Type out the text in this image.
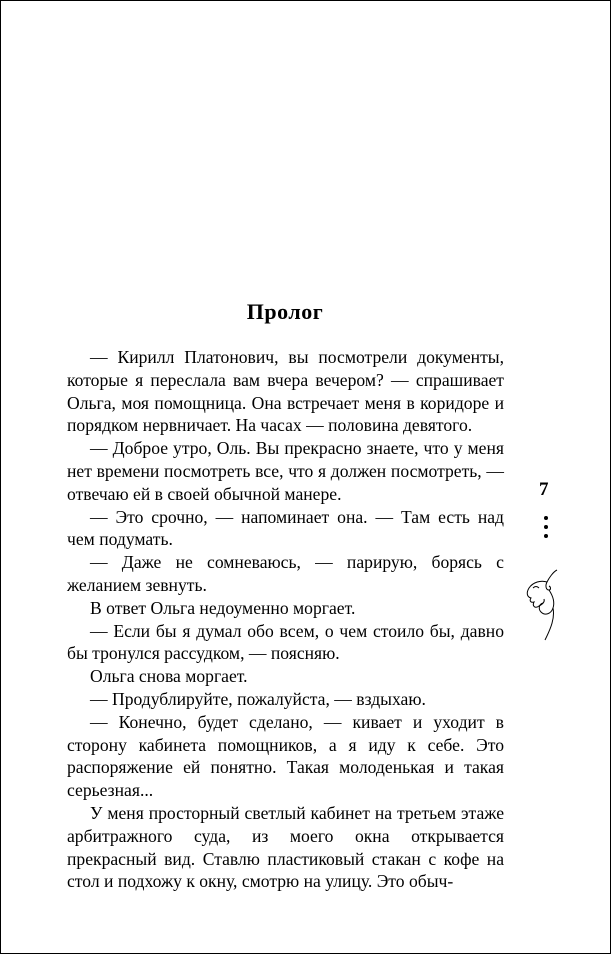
Пролог

— Кирилл Платонович, вы посмотрели документы, которые я переслала вам вчера вечером? — спрашивает Ольга, моя помощница. Она встречает меня в коридоре и порядком нервничает. На часах — половина девятого.

— Доброе утро, Оль. Вы прекрасно знаете, что у меня нет времени посмотреть все, что я должен посмотреть, — отвечаю ей в своей обычной манере.

— Это срочно, — напоминает она. — Там есть над чем подумать.

— Даже не сомневаюсь, — парирую, борясь с желанием зевнуть.

В ответ Ольга недоуменно моргает.

— Если бы я думал обо всем, о чем стоило бы, давно бы тронулся рассудком, — поясняю.

Ольга снова моргает.

— Продублируйте, пожалуйста, — вздыхаю.

— Конечно, будет сделано, — кивает и уходит в сторону кабинета помощников, а я иду к себе. Это распоряжение ей понятно. Такая молоденькая и такая серьезная...

У меня просторный светлый кабинет на третьем этаже арбитражного суда, из моего окна открывается прекрасный вид. Ставлю пластиковый стакан с кофе на стол и подхожу к окну, смотрю на улицу. Это обыч-

7
